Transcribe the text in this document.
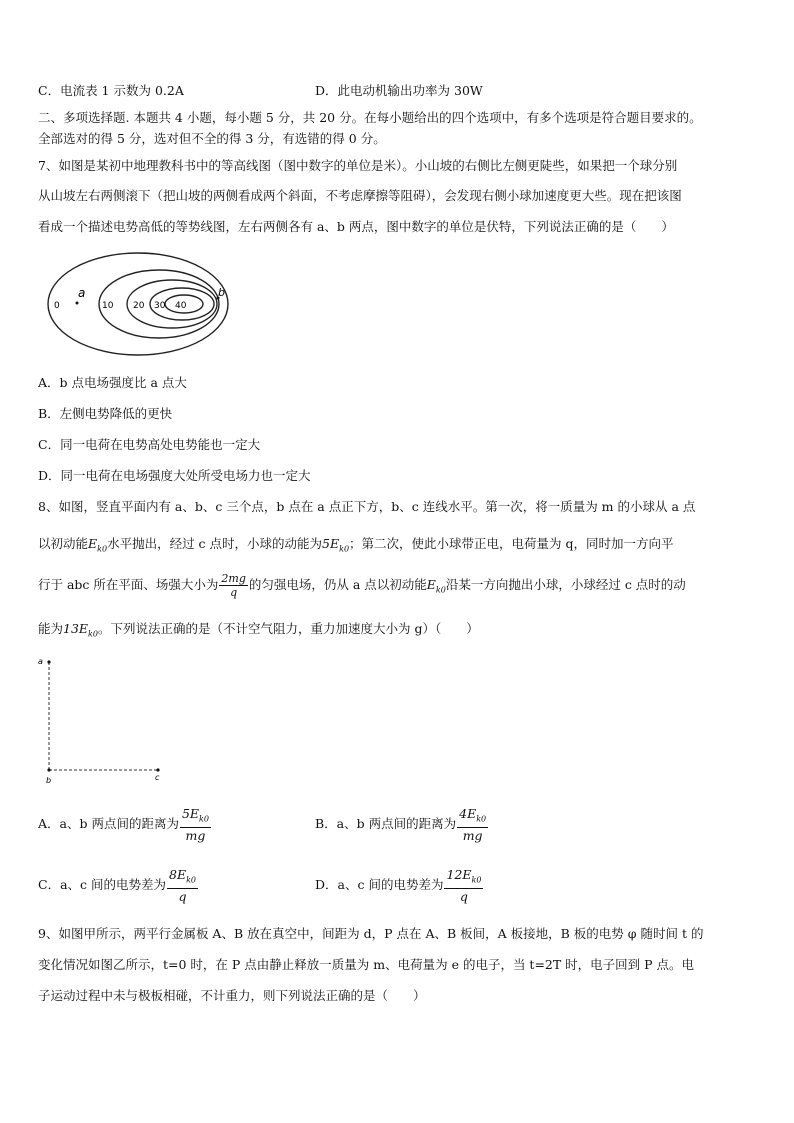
C．电流表 1 示数为 0.2A	D．此电动机输出功率为 30W
二、多项选择题. 本题共 4 小题，每小题 5 分，共 20 分。在每小题给出的四个选项中，有多个选项是符合题目要求的。
全部选对的得 5 分，选对但不全的得 3 分，有选错的得 0 分。
7、如图是某初中地理教科书中的等高线图（图中数字的单位是米）。小山坡的右侧比左侧更陡些，如果把一个球分别
从山坡左右两侧滚下（把山坡的两侧看成两个斜面，不考虑摩擦等阻碍），会发现右侧小球加速度更大些。现在把该图
看成一个描述电势高低的等势线图，左右两侧各有 a、b 两点，图中数字的单位是伏特，下列说法正确的是（　　）
0	10 20 30 40
a	b
A．b 点电场强度比 a 点大
B．左侧电势降低的更快
C．同一电荷在电势高处电势能也一定大
D．同一电荷在电场强度大处所受电场力也一定大
8、如图，竖直平面内有 a、b、c 三个点，b 点在 a 点正下方，b、c 连线水平。第一次，将一质量为 m 的小球从 a 点
以初动能$E_{k0}$水平抛出，经过 c 点时，小球的动能为$5E_{k0}$；第二次，使此小球带正电，电荷量为 q，同时加一方向平
行于 abc 所在平面、场强大小为 $\frac{2mg}{q}$ 的匀强电场，仍从 a 点以初动能$E_{k0}$沿某一方向抛出小球，小球经过 c 点时的动
能为$13E_{k0}$。下列说法正确的是（不计空气阻力，重力加速度大小为 g）（　　）
a
b	c
A．a、b 两点间的距离为 $\frac{5E_{k0}}{mg}$	B．a、b 两点间的距离为 $\frac{4E_{k0}}{mg}$
C．a、c 间的电势差为 $\frac{8E_{k0}}{q}$	D．a、c 间的电势差为 $\frac{12E_{k0}}{q}$
9、如图甲所示，两平行金属板 A、B 放在真空中，间距为 d，P 点在 A、B 板间，A 板接地，B 板的电势 φ 随时间 t 的
变化情况如图乙所示，t=0 时，在 P 点由静止释放一质量为 m、电荷量为 e 的电子，当 t=2T 时，电子回到 P 点。电
子运动过程中未与极板相碰，不计重力，则下列说法正确的是（　　）
